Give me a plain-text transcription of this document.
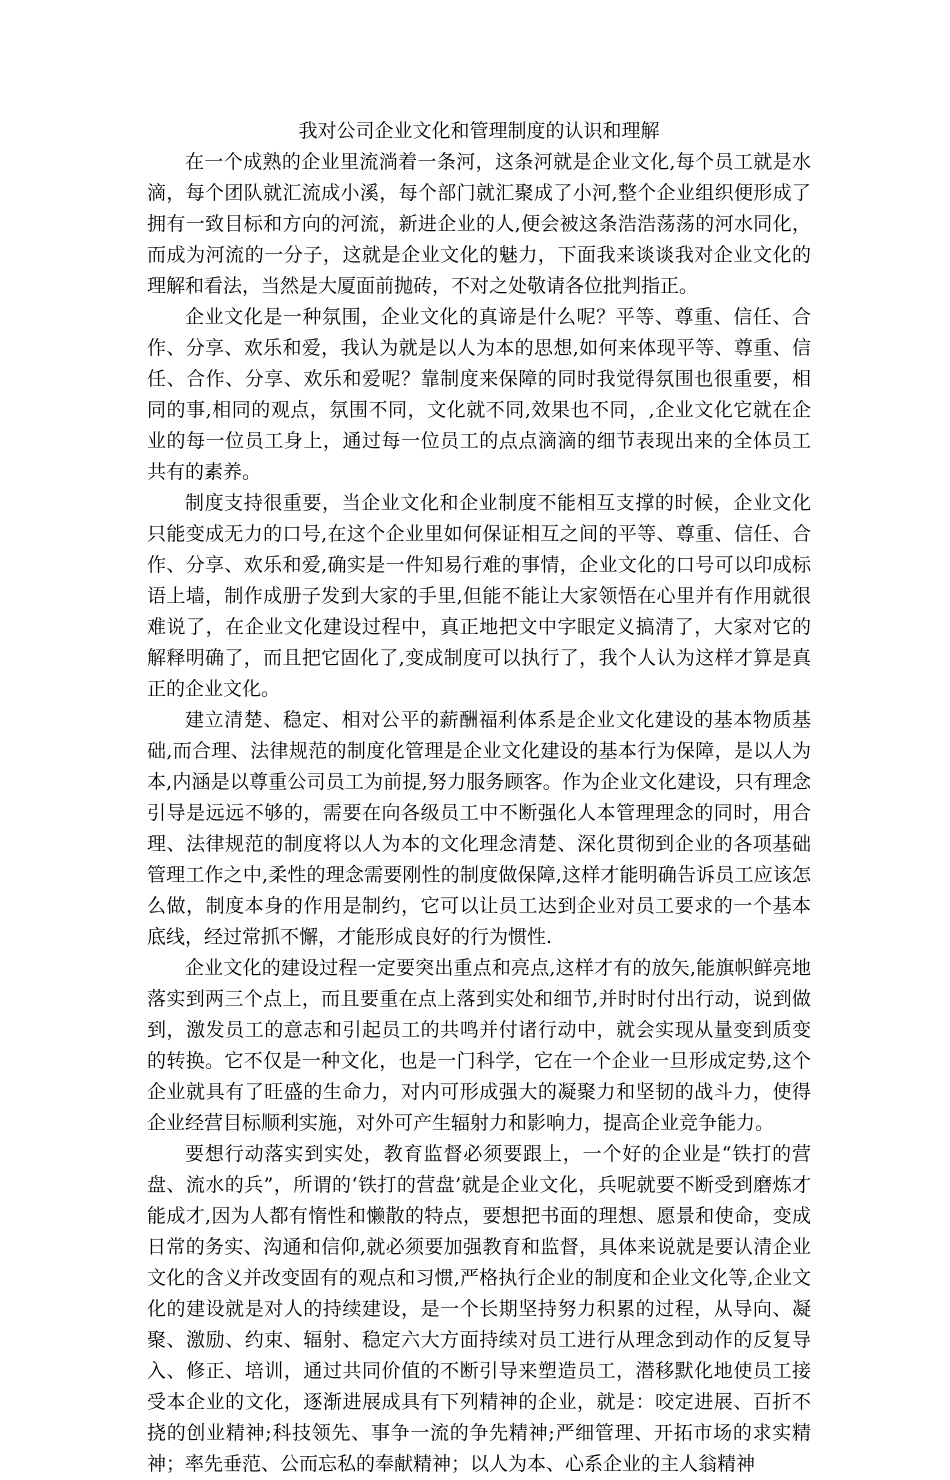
我对公司企业文化和管理制度的认识和理解

在一个成熟的企业里流淌着一条河，这条河就是企业文化,每个员工就是水滴，每个团队就汇流成小溪，每个部门就汇聚成了小河,整个企业组织便形成了拥有一致目标和方向的河流，新进企业的人,便会被这条浩浩荡荡的河水同化，而成为河流的一分子，这就是企业文化的魅力，下面我来谈谈我对企业文化的理解和看法，当然是大厦面前抛砖，不对之处敬请各位批判指正。

企业文化是一种氛围，企业文化的真谛是什么呢？平等、尊重、信任、合作、分享、欢乐和爱，我认为就是以人为本的思想,如何来体现平等、尊重、信任、合作、分享、欢乐和爱呢？靠制度来保障的同时我觉得氛围也很重要，相同的事,相同的观点，氛围不同，文化就不同,效果也不同，,企业文化它就在企业的每一位员工身上，通过每一位员工的点点滴滴的细节表现出来的全体员工共有的素养。

制度支持很重要，当企业文化和企业制度不能相互支撑的时候，企业文化只能变成无力的口号,在这个企业里如何保证相互之间的平等、尊重、信任、合作、分享、欢乐和爱,确实是一件知易行难的事情，企业文化的口号可以印成标语上墙，制作成册子发到大家的手里,但能不能让大家领悟在心里并有作用就很难说了，在企业文化建设过程中，真正地把文中字眼定义搞清了，大家对它的解释明确了，而且把它固化了,变成制度可以执行了，我个人认为这样才算是真正的企业文化。

建立清楚、稳定、相对公平的薪酬福利体系是企业文化建设的基本物质基础,而合理、法律规范的制度化管理是企业文化建设的基本行为保障，是以人为本,内涵是以尊重公司员工为前提,努力服务顾客。作为企业文化建设，只有理念引导是远远不够的，需要在向各级员工中不断强化人本管理理念的同时，用合理、法律规范的制度将以人为本的文化理念清楚、深化贯彻到企业的各项基础管理工作之中,柔性的理念需要刚性的制度做保障,这样才能明确告诉员工应该怎么做，制度本身的作用是制约，它可以让员工达到企业对员工要求的一个基本底线，经过常抓不懈，才能形成良好的行为惯性.

企业文化的建设过程一定要突出重点和亮点,这样才有的放矢,能旗帜鲜亮地落实到两三个点上，而且要重在点上落到实处和细节,并时时付出行动，说到做到，激发员工的意志和引起员工的共鸣并付诸行动中，就会实现从量变到质变的转换。它不仅是一种文化，也是一门科学，它在一个企业一旦形成定势,这个企业就具有了旺盛的生命力，对内可形成强大的凝聚力和坚韧的战斗力，使得企业经营目标顺利实施，对外可产生辐射力和影响力，提高企业竞争能力。

要想行动落实到实处，教育监督必须要跟上，一个好的企业是“铁打的营盘、流水的兵”，所谓的‘铁打的营盘’就是企业文化，兵呢就要不断受到磨炼才能成才,因为人都有惰性和懒散的特点，要想把书面的理想、愿景和使命，变成日常的务实、沟通和信仰,就必须要加强教育和监督，具体来说就是要认清企业文化的含义并改变固有的观点和习惯,严格执行企业的制度和企业文化等,企业文化的建设就是对人的持续建设，是一个长期坚持努力积累的过程，从导向、凝聚、激励、约束、辐射、稳定六大方面持续对员工进行从理念到动作的反复导入、修正、培训，通过共同价值的不断引导来塑造员工，潜移默化地使员工接受本企业的文化，逐渐进展成具有下列精神的企业，就是：咬定进展、百折不挠的创业精神;科技领先、事争一流的争先精神;严细管理、开拓市场的求实精神；率先垂范、公而忘私的奉献精神；以人为本、心系企业的主人翁精神
